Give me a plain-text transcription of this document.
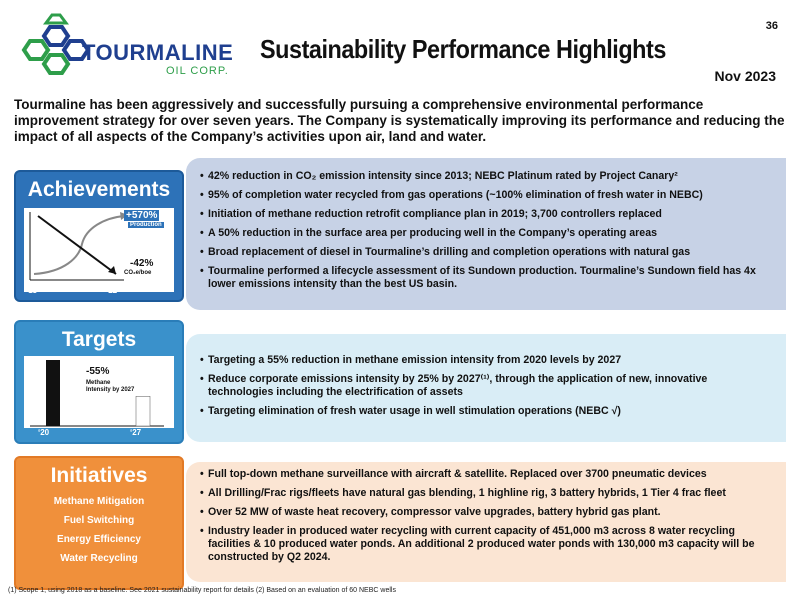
TOURMALINE
OIL CORP.
36
Sustainability Performance Highlights
Nov 2023
Tourmaline has been aggressively and successfully pursuing a comprehensive environmental performance improvement strategy for over seven years. The Company is systematically improving its performance and reducing the impact of all aspects of the Company’s activities upon air, land and water.
• 42% reduction in CO₂ emission intensity since 2013; NEBC Platinum rated by Project Canary²
• 95% of completion water recycled from gas operations (~100% elimination of fresh water in NEBC)
• Initiation of methane reduction retrofit compliance plan in 2019; 3,700 controllers replaced
• A 50% reduction in the surface area per producing well in the Company’s operating areas
• Broad replacement of diesel in Tourmaline’s drilling and completion operations with natural gas
• Tourmaline performed a lifecycle assessment of its Sundown production. Tourmaline’s Sundown field has 4x lower emissions intensity than the best US basin.
Achievements
+570%
Production
-42%
CO₂e/boe
‘13	‘22
• Targeting a 55% reduction in methane emission intensity from 2020 levels by 2027
• Reduce corporate emissions intensity by 25% by 2027⁽¹⁾, through the application of new, innovative technologies including the electrification of assets
• Targeting elimination of fresh water usage in well stimulation operations (NEBC √)
Targets
-55%
Methane Intensity by 2027
‘20	‘27
• Full top-down methane surveillance with aircraft & satellite. Replaced over 3700 pneumatic devices
• All Drilling/Frac rigs/fleets have natural gas blending, 1 highline rig, 3 battery hybrids, 1 Tier 4 frac fleet
• Over 52 MW of waste heat recovery, compressor valve upgrades, battery hybrid gas plant.
• Industry leader in produced water recycling with current capacity of 451,000 m3 across 8 water recycling facilities & 10 produced water ponds. An additional 2 produced water ponds with 130,000 m3 capacity will be constructed by Q2 2024.
Initiatives
Methane Mitigation
Fuel Switching
Energy Efficiency
Water Recycling
(1) Scope 1, using 2018 as a baseline. See 2021 sustainability report for details (2) Based on an evaluation of 60 NEBC wells
